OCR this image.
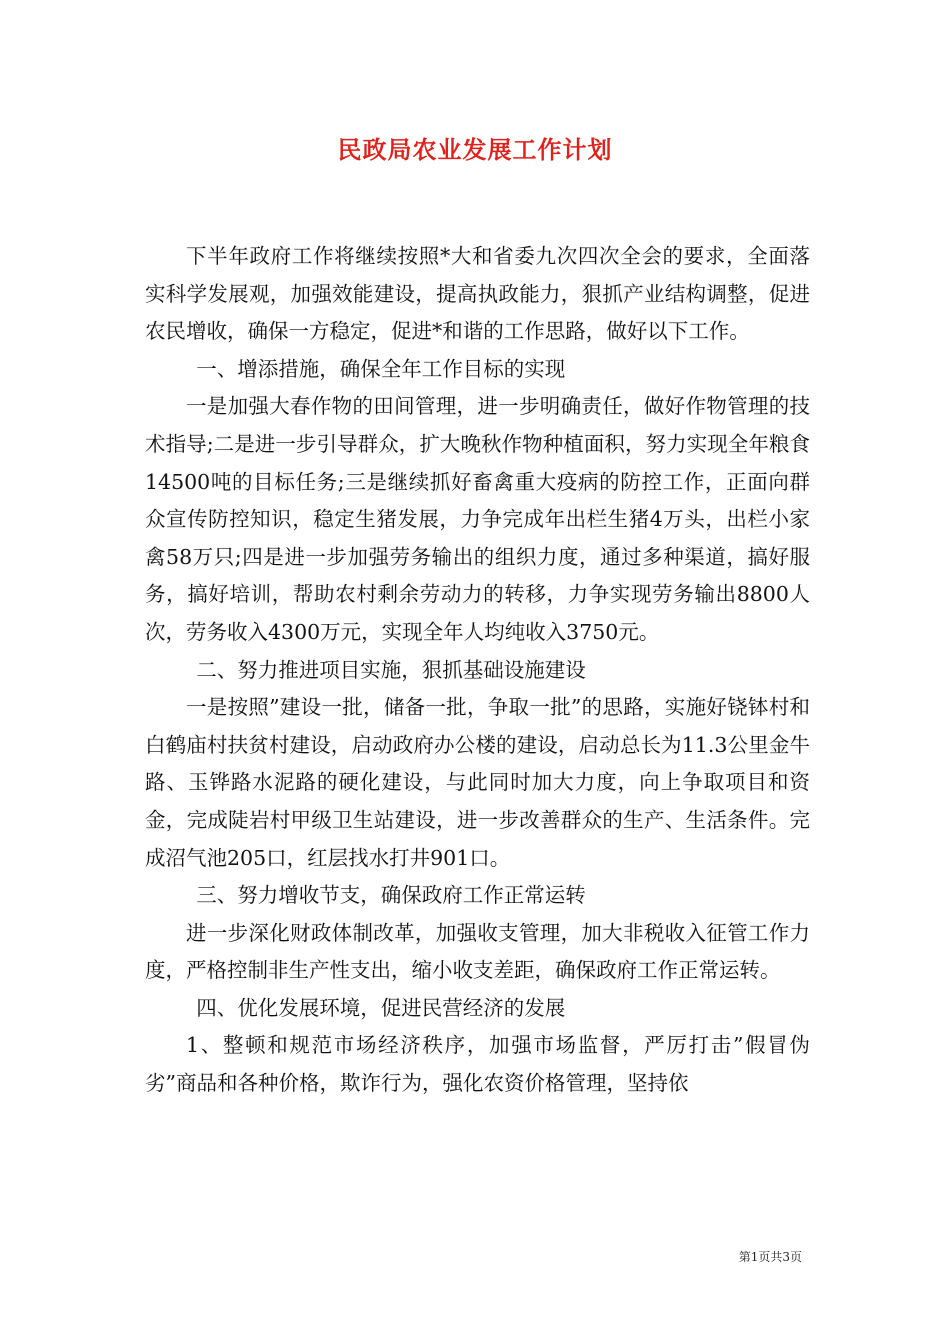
民政局农业发展工作计划

下半年政府工作将继续按照*大和省委九次四次全会的要求，全面落实科学发展观，加强效能建设，提高执政能力，狠抓产业结构调整，促进农民增收，确保一方稳定，促进*和谐的工作思路，做好以下工作。

一、增添措施，确保全年工作目标的实现

一是加强大春作物的田间管理，进一步明确责任，做好作物管理的技术指导;二是进一步引导群众，扩大晚秋作物种植面积，努力实现全年粮食14500吨的目标任务;三是继续抓好畜禽重大疫病的防控工作，正面向群众宣传防控知识，稳定生猪发展，力争完成年出栏生猪4万头，出栏小家禽58万只;四是进一步加强劳务输出的组织力度，通过多种渠道，搞好服务，搞好培训，帮助农村剩余劳动力的转移，力争实现劳务输出8800人次，劳务收入4300万元，实现全年人均纯收入3750元。

二、努力推进项目实施，狠抓基础设施建设

一是按照”建设一批，储备一批，争取一批”的思路，实施好铙钵村和白鹤庙村扶贫村建设，启动政府办公楼的建设，启动总长为11.3公里金牛路、玉铧路水泥路的硬化建设，与此同时加大力度，向上争取项目和资金，完成陡岩村甲级卫生站建设，进一步改善群众的生产、生活条件。完成沼气池205口，红层找水打井901口。

三、努力增收节支，确保政府工作正常运转

进一步深化财政体制改革，加强收支管理，加大非税收入征管工作力度，严格控制非生产性支出，缩小收支差距，确保政府工作正常运转。

四、优化发展环境，促进民营经济的发展

1、整顿和规范市场经济秩序，加强市场监督，严厉打击”假冒伪劣”商品和各种价格，欺诈行为，强化农资价格管理，坚持依

第1页共3页
